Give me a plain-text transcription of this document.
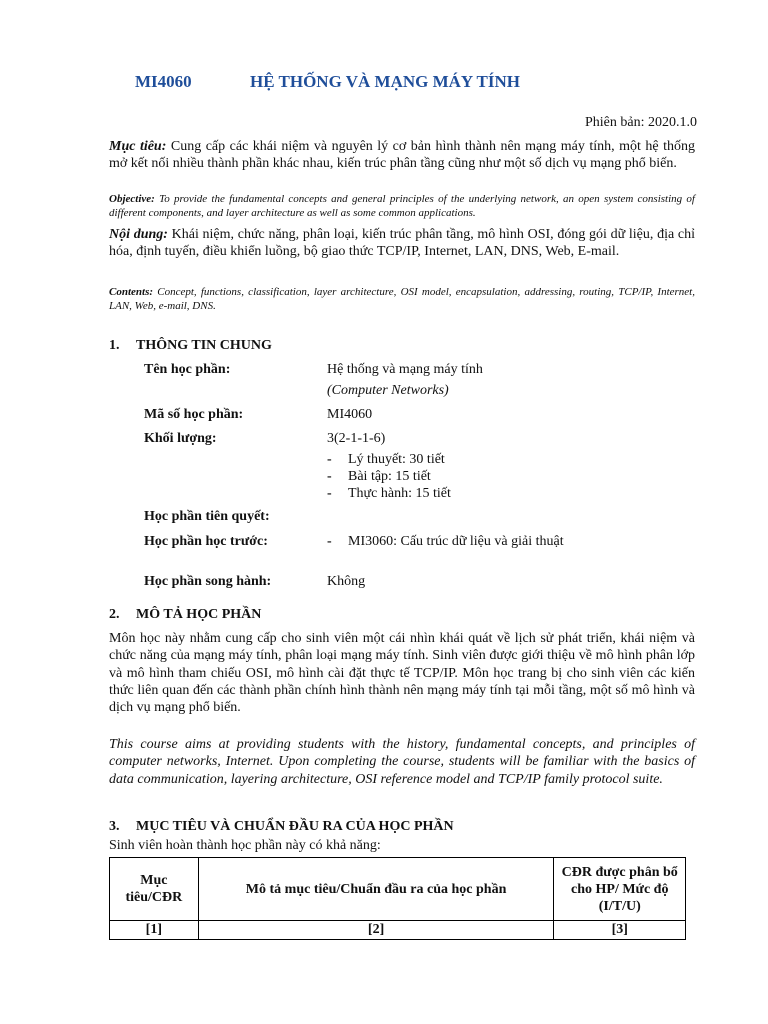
MI4060	HỆ THỐNG VÀ MẠNG MÁY TÍNH
Phiên bản: 2020.1.0
Mục tiêu: Cung cấp các khái niệm và nguyên lý cơ bản hình thành nên mạng máy tính, một hệ thống mở kết nối nhiều thành phần khác nhau, kiến trúc phân tầng cũng như một số dịch vụ mạng phổ biến.
Objective: To provide the fundamental concepts and general principles of the underlying network, an open system consisting of different components, and layer architecture as well as some common applications.
Nội dung: Khái niệm, chức năng, phân loại, kiến trúc phân tầng, mô hình OSI, đóng gói dữ liệu, địa chỉ hóa, định tuyến, điều khiển luồng, bộ giao thức TCP/IP, Internet, LAN, DNS, Web, E-mail.
Contents: Concept, functions, classification, layer architecture, OSI model, encapsulation, addressing, routing, TCP/IP, Internet, LAN, Web, e-mail, DNS.
1. THÔNG TIN CHUNG
Tên học phần:	Hệ thống và mạng máy tính
(Computer Networks)
Mã số học phần:	MI4060
Khối lượng:	3(2-1-1-6)
- Lý thuyết: 30 tiết
- Bài tập: 15 tiết
- Thực hành: 15 tiết
Học phần tiên quyết:
Học phần học trước:	- MI3060: Cấu trúc dữ liệu và giải thuật
Học phần song hành:	Không
2. MÔ TẢ HỌC PHẦN
Môn học này nhằm cung cấp cho sinh viên một cái nhìn khái quát về lịch sử phát triển, khái niệm và chức năng của mạng máy tính, phân loại mạng máy tính. Sinh viên được giới thiệu về mô hình phân lớp và mô hình tham chiếu OSI, mô hình cài đặt thực tế TCP/IP. Môn học trang bị cho sinh viên các kiến thức liên quan đến các thành phần chính hình thành nên mạng máy tính tại mỗi tầng, một số mô hình và dịch vụ mạng phổ biến.
This course aims at providing students with the history, fundamental concepts, and principles of computer networks, Internet. Upon completing the course, students will be familiar with the basics of data communication, layering architecture, OSI reference model and TCP/IP family protocol suite.
3. MỤC TIÊU VÀ CHUẨN ĐẦU RA CỦA HỌC PHẦN
Sinh viên hoàn thành học phần này có khả năng:
Mục tiêu/CĐR	Mô tả mục tiêu/Chuẩn đầu ra của học phần	CĐR được phân bổ cho HP/ Mức độ (I/T/U)
[1]	[2]	[3]
